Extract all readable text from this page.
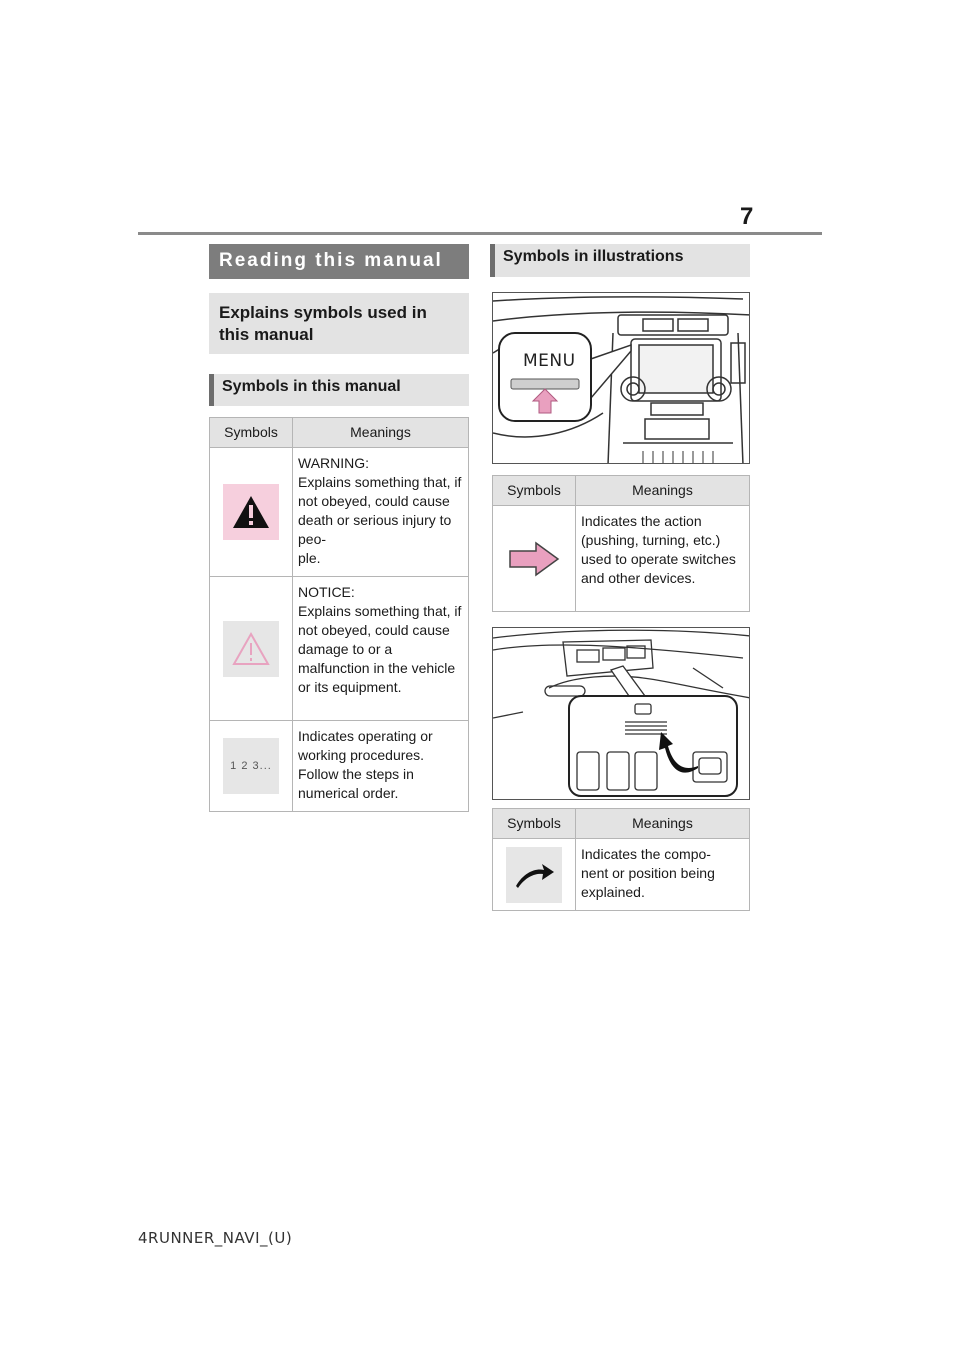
7
Reading this manual
Explains symbols used in this manual
Symbols in this manual
Symbols	Meanings

	WARNING:
Explains something that, if not obeyed, could cause death or serious injury to peo-
ple.

	NOTICE:
Explains something that, if not obeyed, could cause damage to or a malfunction in the vehicle or its equipment.

1 2 3...	Indicates operating or working procedures. Follow the steps in numerical order.
Symbols in illustrations
MENU
Symbols	Meanings

	Indicates the action (pushing, turning, etc.) used to operate switches and other devices.
Symbols	Meanings

	Indicates the compo-
nent or position being explained.
4RUNNER_NAVI_(U)
